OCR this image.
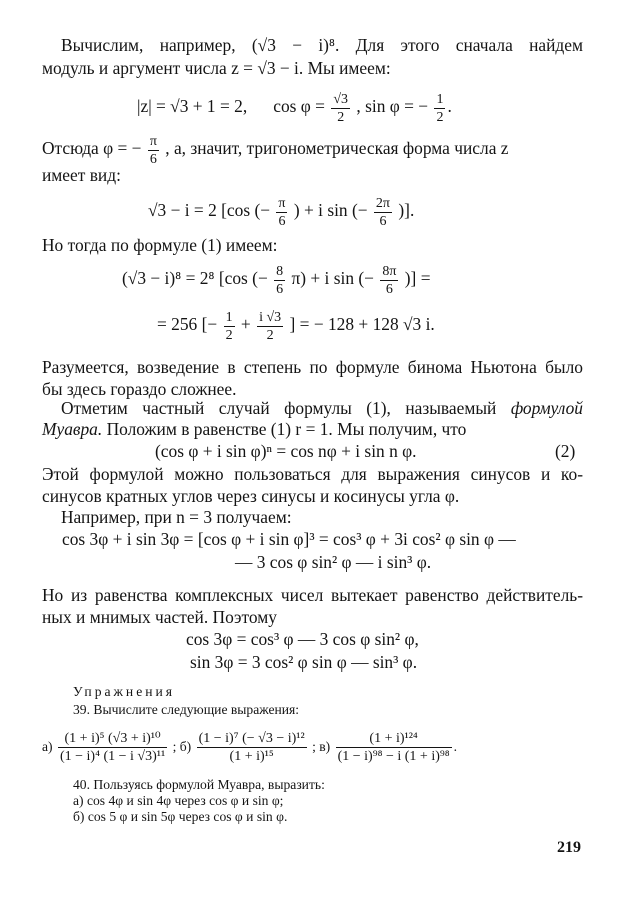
Вычислим, например, (√3 − i)⁸. Для этого сначала найдем
модуль и аргумент числа z = √3 − i. Мы имеем:
|z| = √3 + 1 = 2, $\cos \varphi = \frac{√3}{2}$ , sin φ = − $\frac{1}{2}$ .
Отсюда φ = − $\frac{\pi}{6}$ , а, значит, тригонометрическая форма числа z
имеет вид:
√3 − i = 2 [cos (− $\frac{\pi}{6}$ ) + i sin (− $\frac{2\pi}{6}$ )].
Но тогда по формуле (1) имеем:
(√3 − i)⁸ = 2⁸ [cos (− $\frac{8}{6} \pi) + i$ sin (− $\frac{8\pi}{6}$ )] =
= 256 [− $\frac{1}{2} + \frac{i √3}{2}$ ] = − 128 + 128 √3 i.
Разумеется, возведение в степень по формуле бинома Ньютона было
бы здесь гораздо сложнее.
Отметим частный случай формулы (1), называемый формулой
Муавра. Положим в равенстве (1) r = 1. Мы получим, что
(cos φ + i sin φ)ⁿ = cos nφ + i sin n φ.	(2)
Этой формулой можно пользоваться для выражения синусов и ко-
синусов кратных углов через синусы и косинусы угла φ.
Например, при n = 3 получаем:
cos 3φ + i sin 3φ = [cos φ + i sin φ]³ = cos³ φ + 3i cos² φ sin φ —
— 3 cos φ sin² φ — i sin³ φ.
Но из равенства комплексных чисел вытекает равенство действитель-
ных и мнимых частей. Поэтому
cos 3φ = cos³ φ — 3 cos φ sin² φ,
sin 3φ = 3 cos² φ sin φ — sin³ φ.
Упражнения
39. Вычислите следующие выражения:
$а) \frac{\text{(1 + i)⁵ (√3 + i)¹⁰}}{\text{(1 − i)⁴ (1 − i √3)¹¹}}$ ; $б) \frac{\text{(1 − i)⁷ (− √3 − i)¹²}}{\text{(1 + i)¹⁵}}$ ; $в) \frac{\text{(1 + i)¹²⁴}}{\text{(1 − i)⁹⁸ − i (1 + i)⁹⁸}}$ .
40. Пользуясь формулой Муавра, выразить:
а) cos 4φ и sin 4φ через cos φ и sin φ;
б) cos 5 φ и sin 5φ через cos φ и sin φ.
219
